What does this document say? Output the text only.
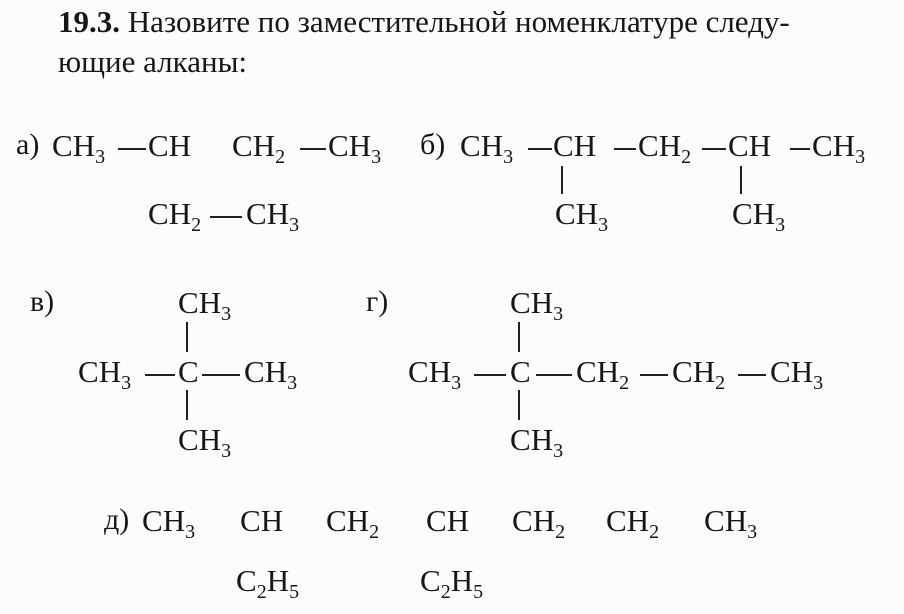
19.3. Назовите по заместительной номенклатуре следу-
ющие алканы:
а) $CH_3$ CH $CH_2$ $CH_3$
$CH_2$ $CH_3$
б) $CH_3$ CH $CH_2$ CH $CH_3$
$CH_3$	$CH_3$
в)	$CH_3$
$CH_3$ C $CH_3$
$CH_3$
г)	$CH_3$
$CH_3$ C $CH_2$ $CH_2$ $CH_3$
$CH_3$
д) $CH_3$ CH $CH_2$ CH $CH_2$ $CH_2$ $CH_3$
$C_2H_5$	$C_2H_5$
